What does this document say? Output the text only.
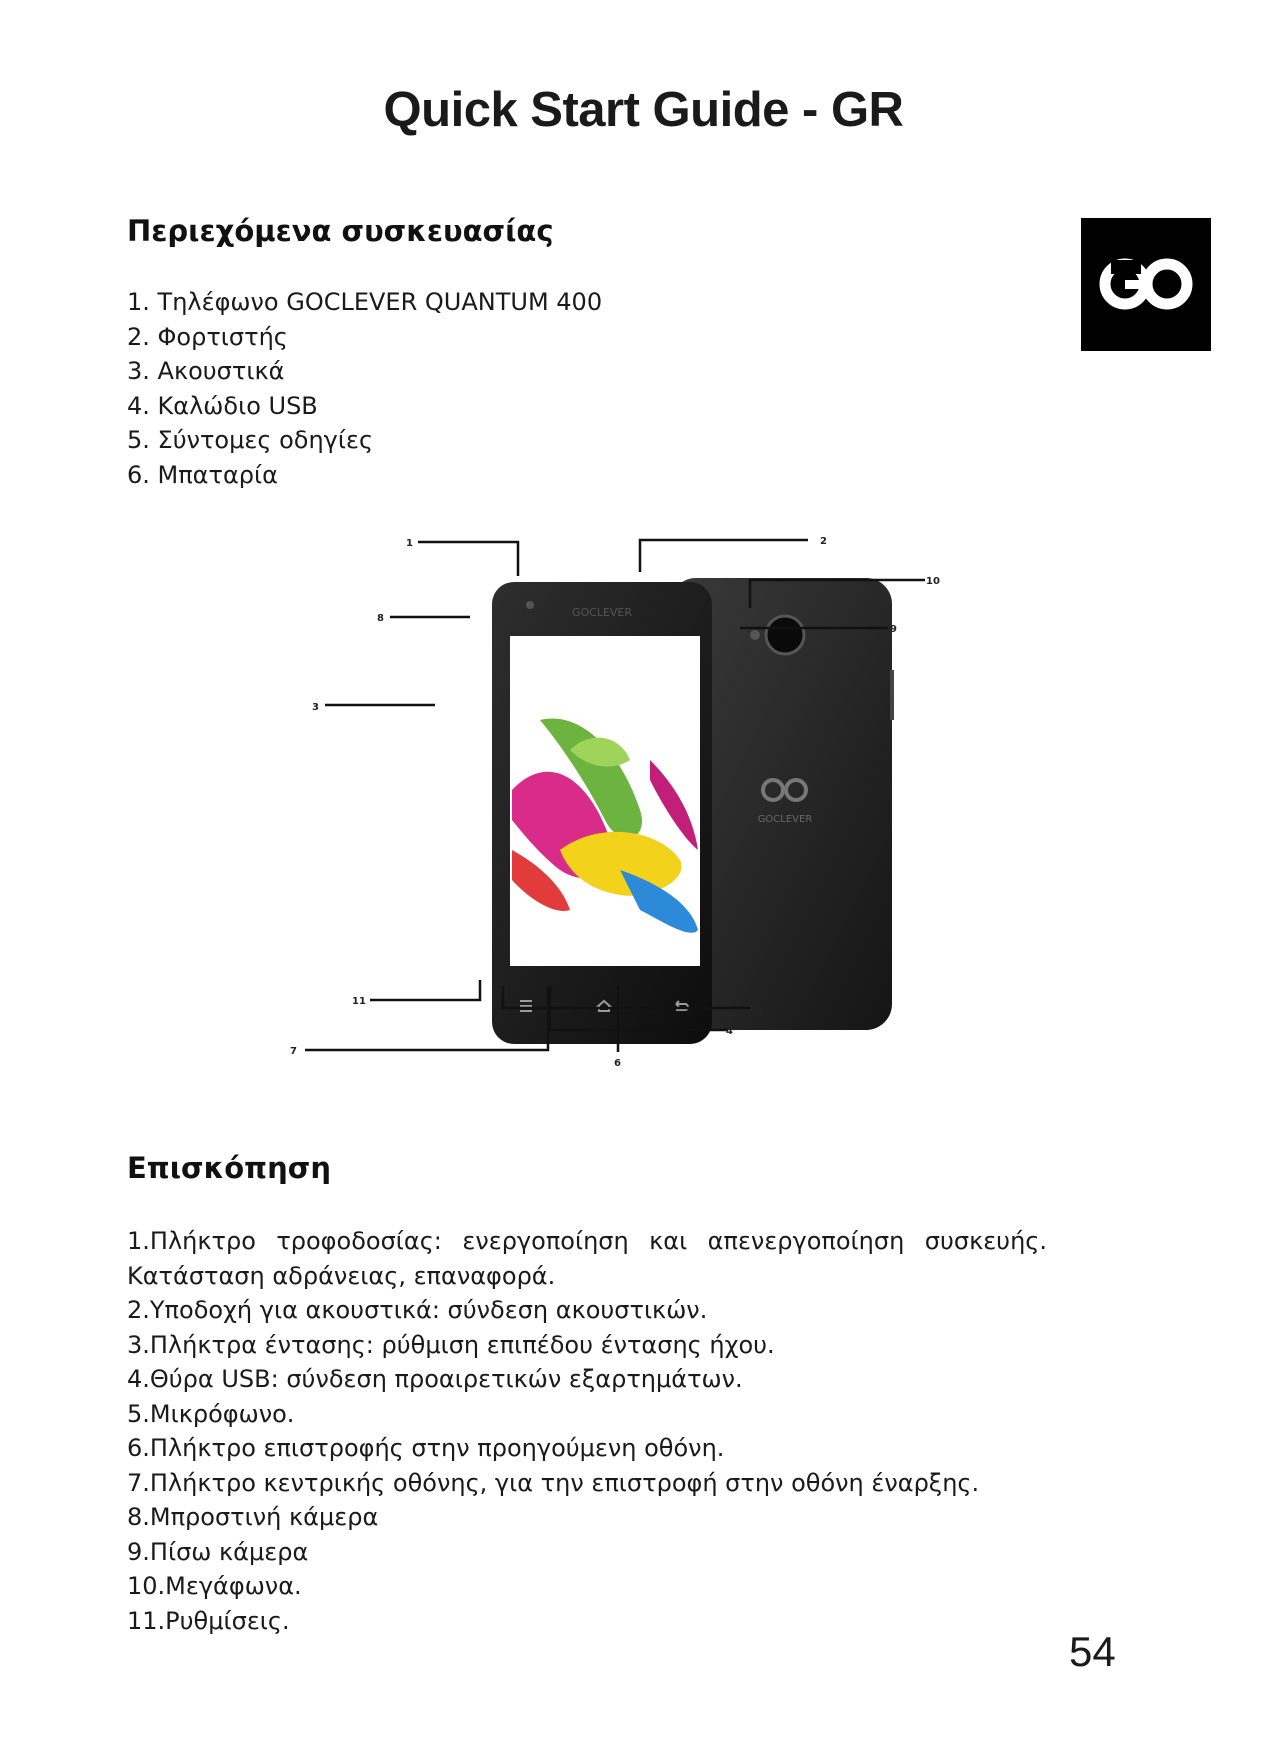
Quick Start Guide - GR
Περιεχόμενα συσκευασίας
1. Τηλέφωνο GOCLEVER QUANTUM 400
2. Φορτιστής
3. Ακουστικά
4. Καλώδιο USB
5. Σύντομες οδηγίες
6. Μπαταρία
GOCLEVER
GOCLEVER
1	2
3
4
5
6
7
8
9
10
11
Επισκόπηση
1.Πλήκτρο τροφοδοσίας: ενεργοποίηση και απενεργοποίηση συσκευής.
Κατάσταση αδράνειας, επαναφορά.
2.Υποδοχή για ακουστικά: σύνδεση ακουστικών.
3.Πλήκτρα έντασης: ρύθμιση επιπέδου έντασης ήχου.
4.Θύρα USB: σύνδεση προαιρετικών εξαρτημάτων.
5.Μικρόφωνο.
6.Πλήκτρο επιστροφής στην προηγούμενη οθόνη.
7.Πλήκτρο κεντρικής οθόνης, για την επιστροφή στην οθόνη έναρξης.
8.Μπροστινή κάμερα
9.Πίσω κάμερα
10.Μεγάφωνα.
11.Ρυθμίσεις.
54
